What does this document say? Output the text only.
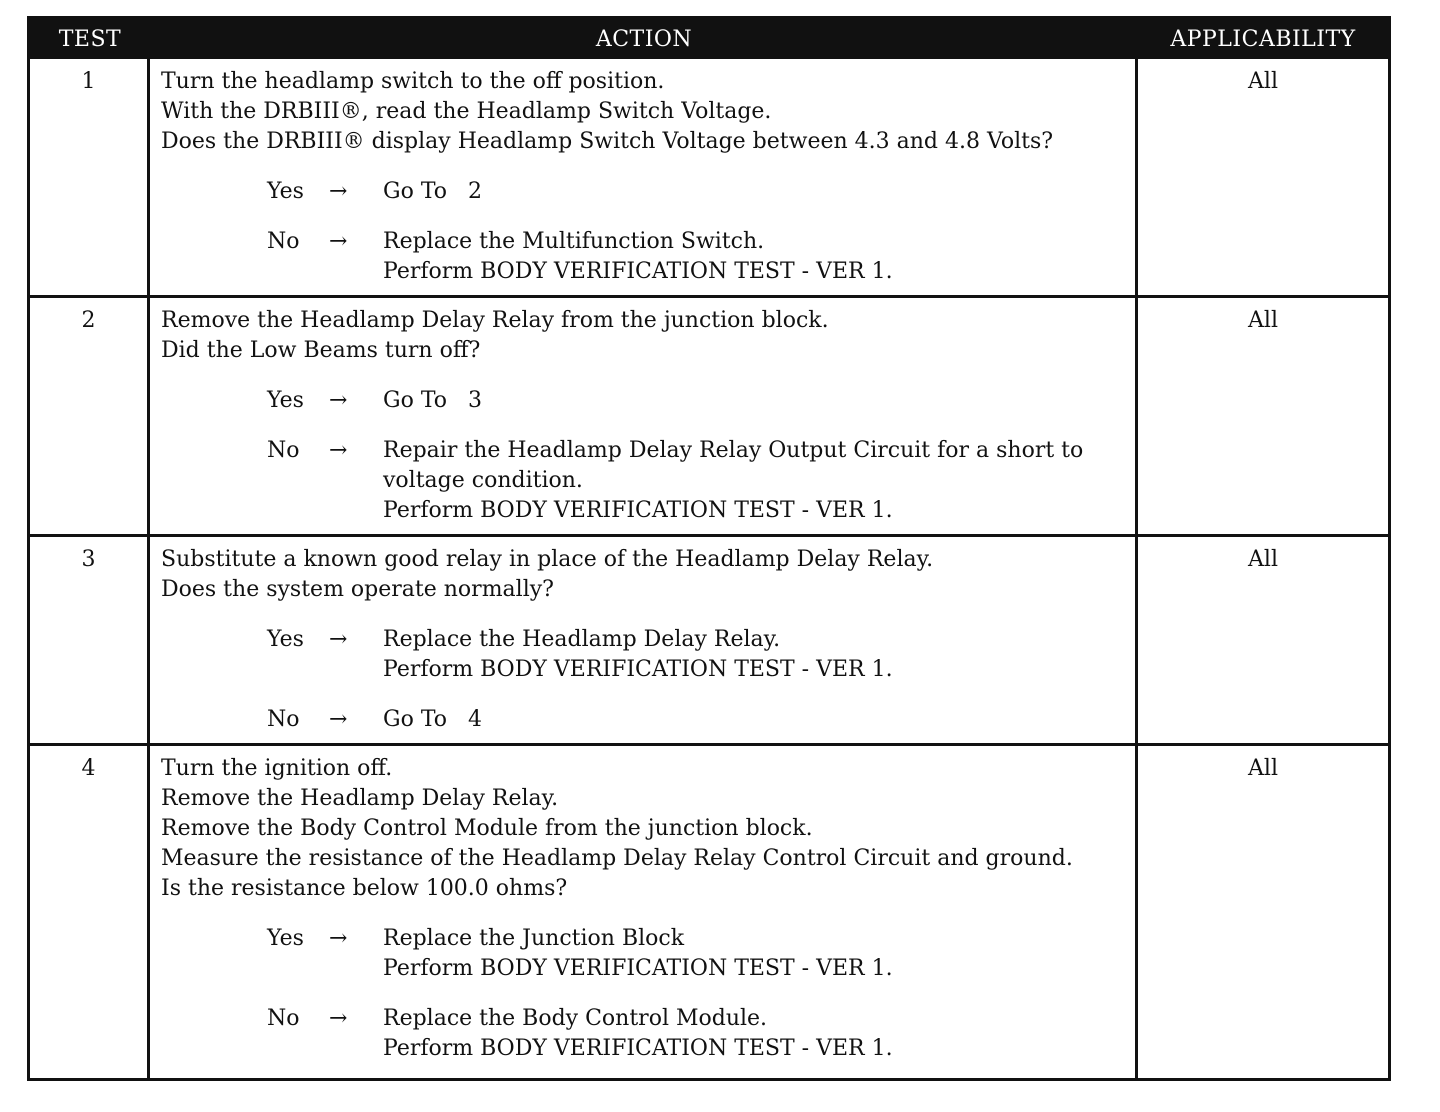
TEST	ACTION	APPLICABILITY
1	Turn the headlamp switch to the off position.
With the DRBIII®, read the Headlamp Switch Voltage.
Does the DRBIII® display Headlamp Switch Voltage between 4.3 and 4.8 Volts?
Yes	→	Go To   2
No	→	Replace the Multifunction Switch.
Perform BODY VERIFICATION TEST - VER 1.
All
2	Remove the Headlamp Delay Relay from the junction block.
Did the Low Beams turn off?
Yes	→	Go To   3
No	→	Repair the Headlamp Delay Relay Output Circuit for a short to
voltage condition.
Perform BODY VERIFICATION TEST - VER 1.
All
3	Substitute a known good relay in place of the Headlamp Delay Relay.
Does the system operate normally?
Yes	→	Replace the Headlamp Delay Relay.
Perform BODY VERIFICATION TEST - VER 1.
No	→	Go To   4
All
4	Turn the ignition off.
Remove the Headlamp Delay Relay.
Remove the Body Control Module from the junction block.
Measure the resistance of the Headlamp Delay Relay Control Circuit and ground.
Is the resistance below 100.0 ohms?
Yes	→	Replace the Junction Block
Perform BODY VERIFICATION TEST - VER 1.
No	→	Replace the Body Control Module.
Perform BODY VERIFICATION TEST - VER 1.
All
